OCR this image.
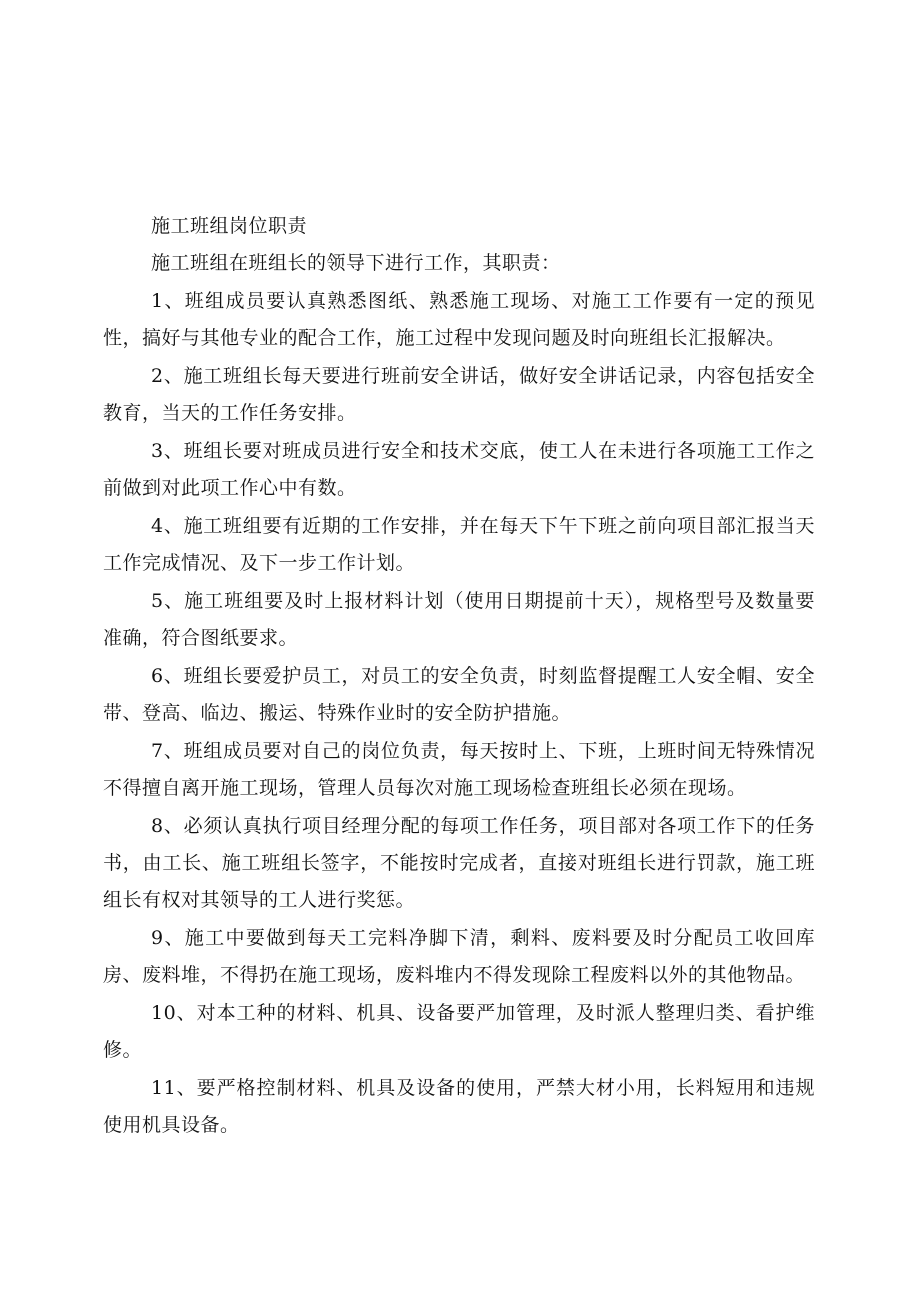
施工班组岗位职责

施工班组在班组长的领导下进行工作，其职责：

1、班组成员要认真熟悉图纸、熟悉施工现场、对施工工作要有一定的预见 性，搞好与其他专业的配合工作，施工过程中发现问题及时向班组长汇报解决。

2、施工班组长每天要进行班前安全讲话，做好安全讲话记录，内容包括安全教育，当天的工作任务安排。

3、班组长要对班成员进行安全和技术交底，使工人在未进行各项施工工作之前做到对此项工作心中有数。

4、施工班组要有近期的工作安排，并在每天下午下班之前向项目部汇报当天工作完成情况、及下一步工作计划。

5、施工班组要及时上报材料计划（使用日期提前十天），规格型号及数量要准确，符合图纸要求。

6、班组长要爱护员工，对员工的安全负责，时刻监督提醒工人安全帽、安全带、登高、临边、搬运、特殊作业时的安全防护措施。

7、班组成员要对自己的岗位负责，每天按时上、下班，上班时间无特殊情况不得擅自离开施工现场，管理人员每次对施工现场检查班组长必须在现场。

8、必须认真执行项目经理分配的每项工作任务，项目部对各项工作下的任务书，由工长、施工班组长签字，不能按时完成者，直接对班组长进行罚款，施工班组长有权对其领导的工人进行奖惩。

9、施工中要做到每天工完料净脚下清，剩料、废料要及时分配员工收回库 房、废料堆，不得扔在施工现场，废料堆内不得发现除工程废料以外的其他物品。

10、对本工种的材料、机具、设备要严加管理，及时派人整理归类、看护维修。

11、要严格控制材料、机具及设备的使用，严禁大材小用，长料短用和违规使用机具设备。
